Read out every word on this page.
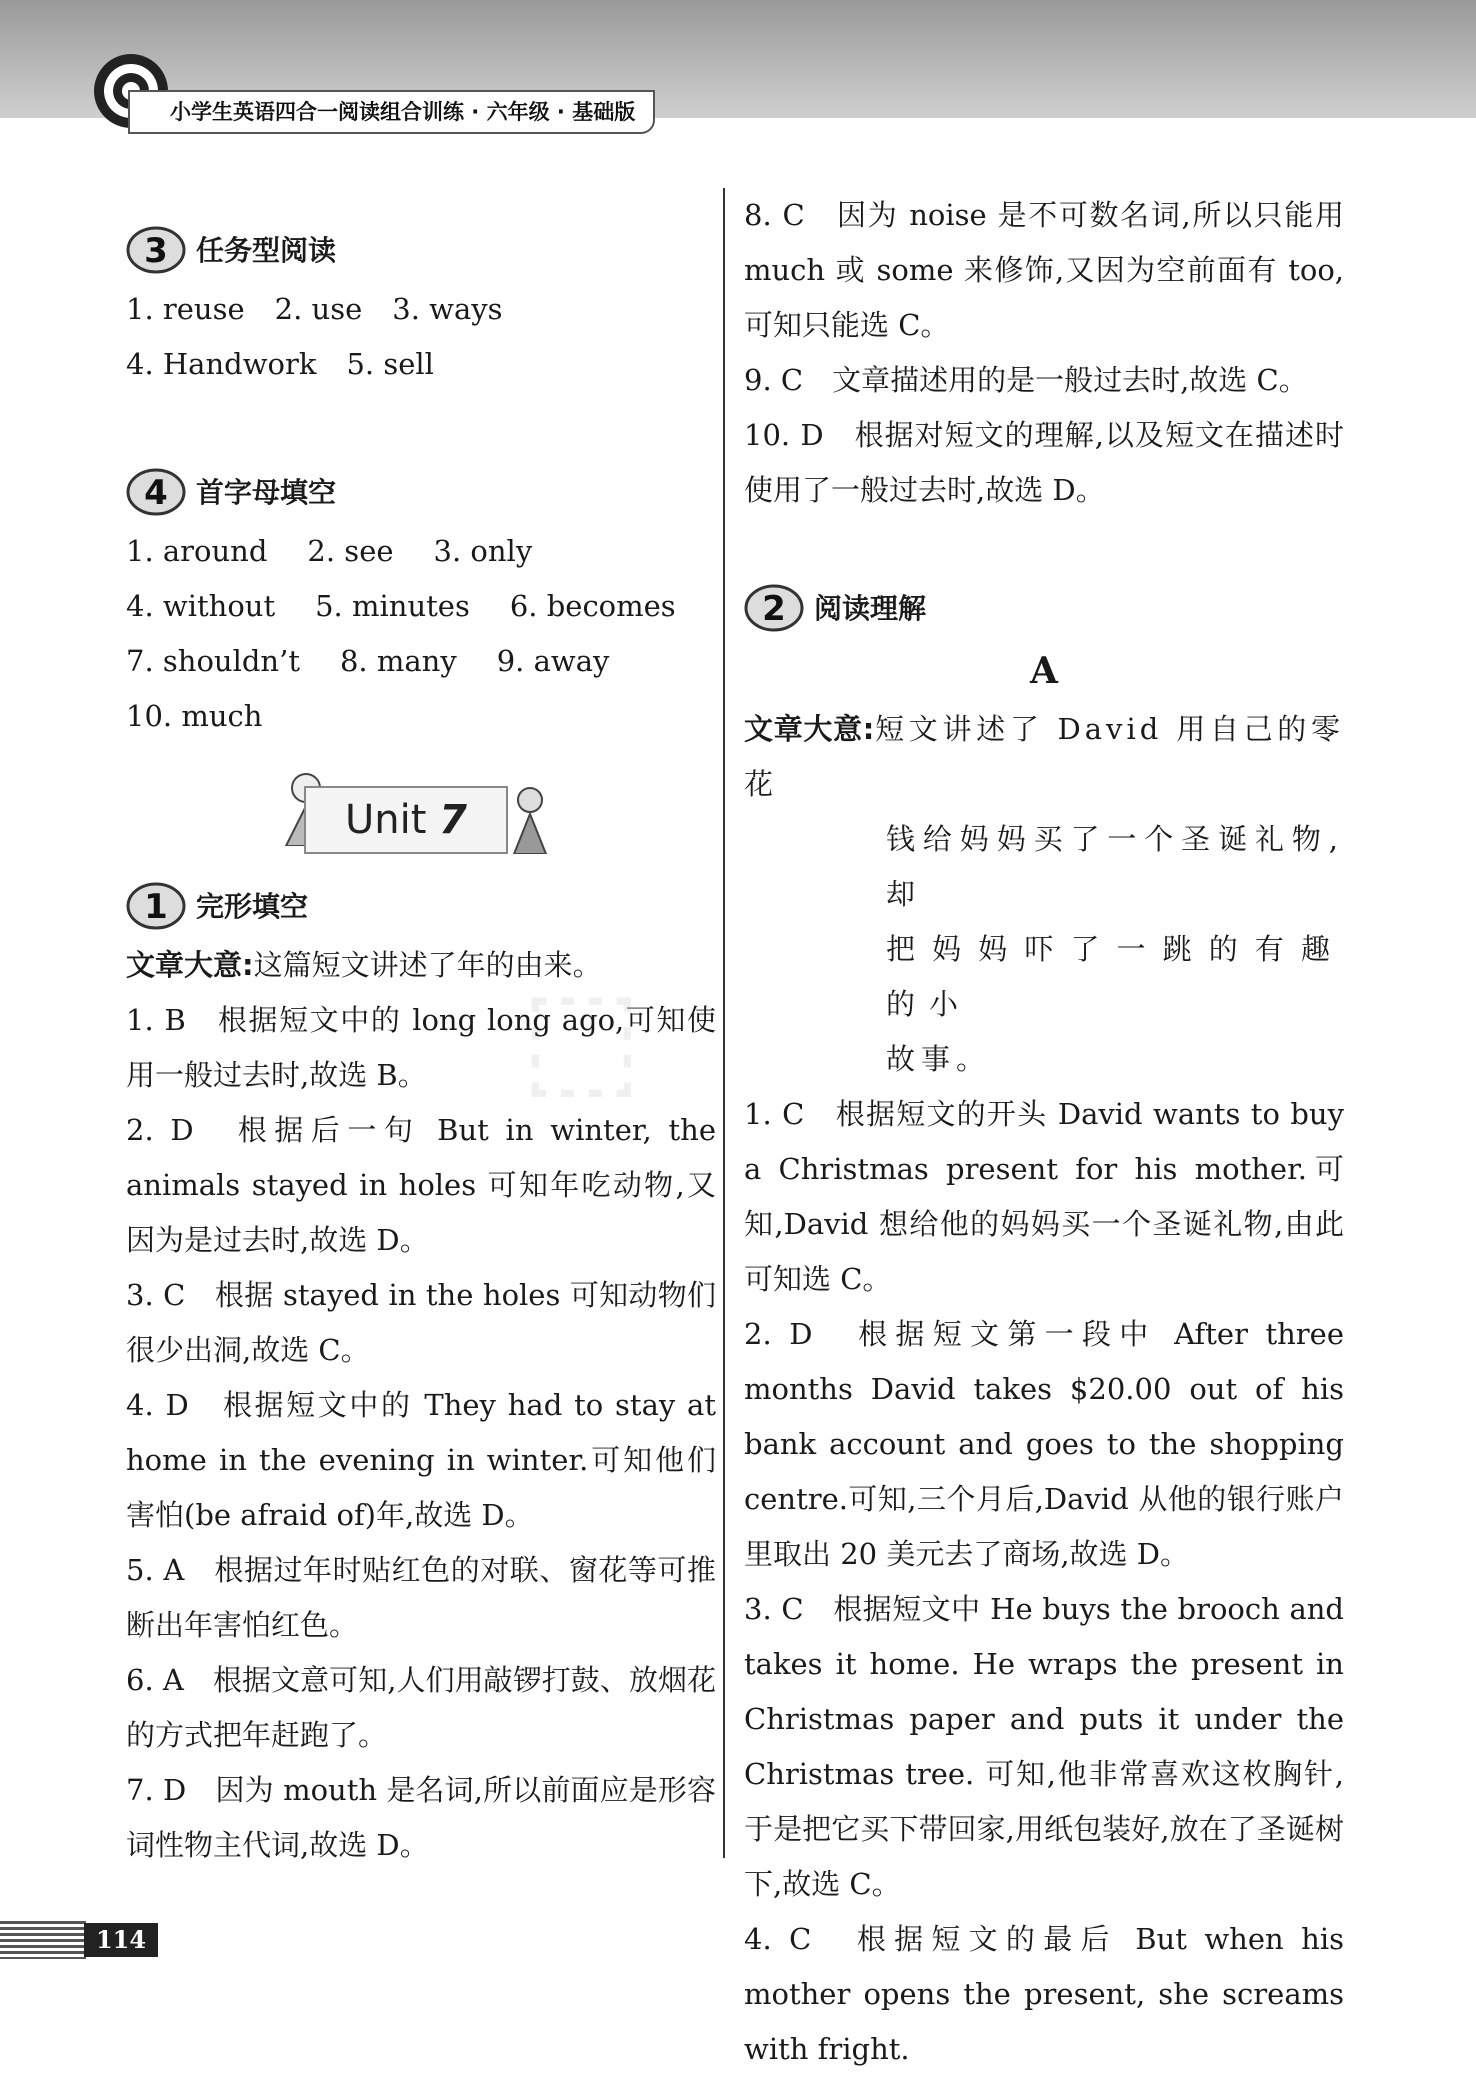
小学生英语四合一阅读组合训练 · 六年级 · 基础版
⬚
3 任务型阅读
1. reuse 2. use 3. ways
4. Handwork 5. sell
4 首字母填空
1. around 2. see 3. only
4. without 5. minutes 6. becomes
7. shouldn’t 8. many 9. away
10. much
Unit 7
1 完形填空

文章大意:这篇短文讲述了年的由来。

1. B　根据短文中的 long long ago,可知使用一般过去时,故选 B。

2. D　根据后一句 But in winter, the animals stayed in holes 可知年吃动物,又因为是过去时,故选 D。

3. C　根据 stayed in the holes 可知动物们很少出洞,故选 C。

4. D　根据短文中的 They had to stay at home in the evening in winter.可知他们害怕(be afraid of)年,故选 D。

5. A　根据过年时贴红色的对联、窗花等可推断出年害怕红色。

6. A　根据文意可知,人们用敲锣打鼓、放烟花的方式把年赶跑了。

7. D　因为 mouth 是名词,所以前面应是形容词性物主代词,故选 D。

8. C　因为 noise 是不可数名词,所以只能用 much 或 some 来修饰,又因为空前面有 too,可知只能选 C。

9. C　文章描述用的是一般过去时,故选 C。

10. D　根据对短文的理解,以及短文在描述时使用了一般过去时,故选 D。

2 阅读理解
A

文章大意:短文讲述了 David 用自己的零花

钱给妈妈买了一个圣诞礼物,却

把妈妈吓了一跳的有趣的小

故事。

1. C　根据短文的开头 David wants to buy a Christmas present for his mother.可知,David 想给他的妈妈买一个圣诞礼物,由此可知选 C。

2. D　根据短文第一段中 After three months David takes $20.00 out of his bank account and goes to the shopping centre.可知,三个月后,David 从他的银行账户里取出 20 美元去了商场,故选 D。

3. C　根据短文中 He buys the brooch and takes it home. He wraps the present in Christmas paper and puts it under the Christmas tree. 可知,他非常喜欢这枚胸针,于是把它买下带回家,用纸包装好,放在了圣诞树下,故选 C。

4. C　根据短文的最后 But when his mother opens the present, she screams with fright.

114
